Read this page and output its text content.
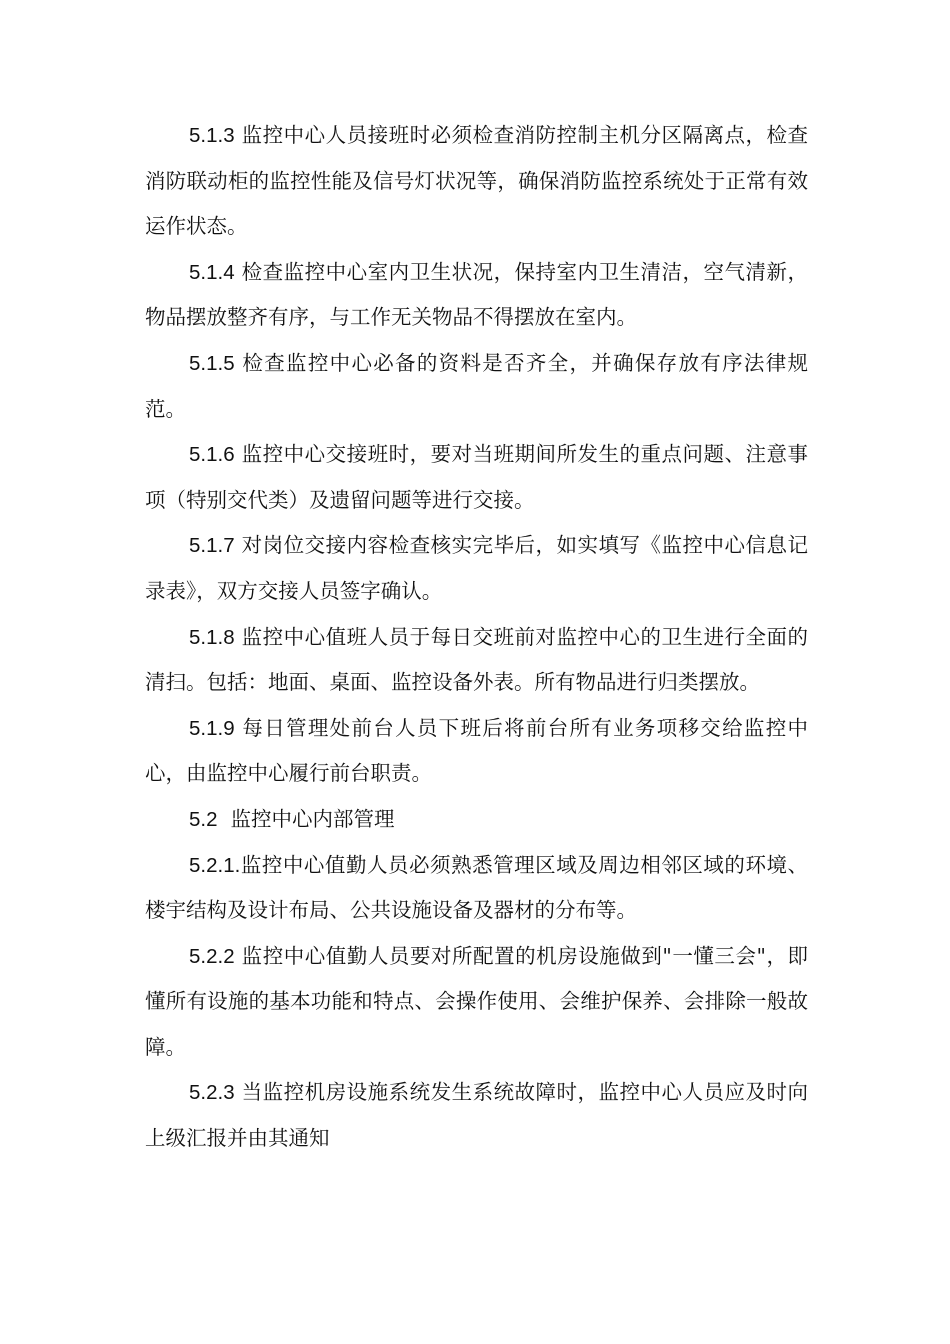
5.1.3 监控中心人员接班时必须检查消防控制主机分区隔离点，检查消防联动柜的监控性能及信号灯状况等，确保消防监控系统处于正常有效运作状态。

5.1.4 检查监控中心室内卫生状况，保持室内卫生清洁，空气清新，物品摆放整齐有序，与工作无关物品不得摆放在室内。

5.1.5 检查监控中心必备的资料是否齐全，并确保存放有序法律规范。

5.1.6 监控中心交接班时，要对当班期间所发生的重点问题、注意事项（特别交代类）及遗留问题等进行交接。

5.1.7 对岗位交接内容检查核实完毕后，如实填写《监控中心信息记录表》，双方交接人员签字确认。

5.1.8 监控中心值班人员于每日交班前对监控中心的卫生进行全面的清扫。包括：地面、桌面、监控设备外表。所有物品进行归类摆放。

5.1.9 每日管理处前台人员下班后将前台所有业务项移交给监控中心，由监控中心履行前台职责。

5.2  监控中心内部管理

5.2.1.监控中心值勤人员必须熟悉管理区域及周边相邻区域的环境、楼宇结构及设计布局、公共设施设备及器材的分布等。

5.2.2 监控中心值勤人员要对所配置的机房设施做到"一懂三会"，即懂所有设施的基本功能和特点、会操作使用、会维护保养、会排除一般故障。

5.2.3 当监控机房设施系统发生系统故障时，监控中心人员应及时向上级汇报并由其通知
